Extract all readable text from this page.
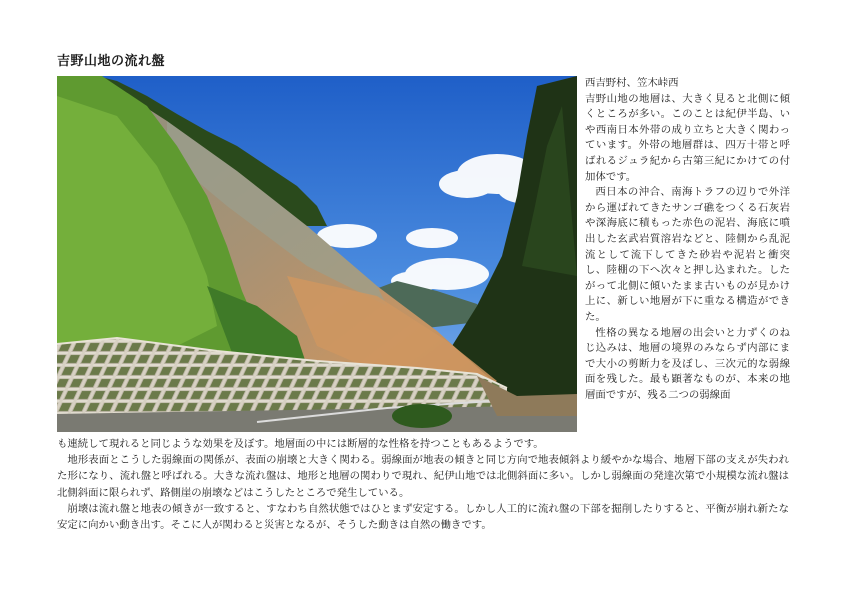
吉野山地の流れ盤

西吉野村、笠木峠西

吉野山地の地層は、大きく見ると北側に傾くところが多い。このことは紀伊半島、いや西南日本外帯の成り立ちと大きく関わっています。外帯の地層群は、四万十帯と呼ばれるジュラ紀から古第三紀にかけての付加体です。

西日本の沖合、南海トラフの辺りで外洋から運ばれてきたサンゴ礁をつくる石灰岩や深海底に積もった赤色の泥岩、海底に噴出した玄武岩質溶岩などと、陸側から乱泥流として流下してきた砂岩や泥岩と衝突し、陸棚の下へ次々と押し込まれた。したがって北側に傾いたまま古いものが見かけ上に、新しい地層が下に重なる構造ができた。

性格の異なる地層の出会いと力ずくのねじ込みは、地層の境界のみならず内部にまで大小の剪断力を及ぼし、三次元的な弱線面を残した。最も顕著なものが、本来の地層面ですが、残る二つの弱線面

も連続して現れると同じような効果を及ぼす。地層面の中には断層的な性格を持つこともあるようです。

地形表面とこうした弱線面の関係が、表面の崩壊と大きく関わる。弱線面が地表の傾きと同じ方向で地表傾斜より緩やかな場合、地層下部の支えが失われた形になり、流れ盤と呼ばれる。大きな流れ盤は、地形と地層の関わりで現れ、紀伊山地では北側斜面に多い。しかし弱線面の発達次第で小規模な流れ盤は北側斜面に限られず、路側崖の崩壊などはこうしたところで発生している。

崩壊は流れ盤と地表の傾きが一致すると、すなわち自然状態ではひとまず安定する。しかし人工的に流れ盤の下部を掘削したりすると、平衡が崩れ新たな安定に向かい動き出す。そこに人が関わると災害となるが、そうした動きは自然の働きです。
